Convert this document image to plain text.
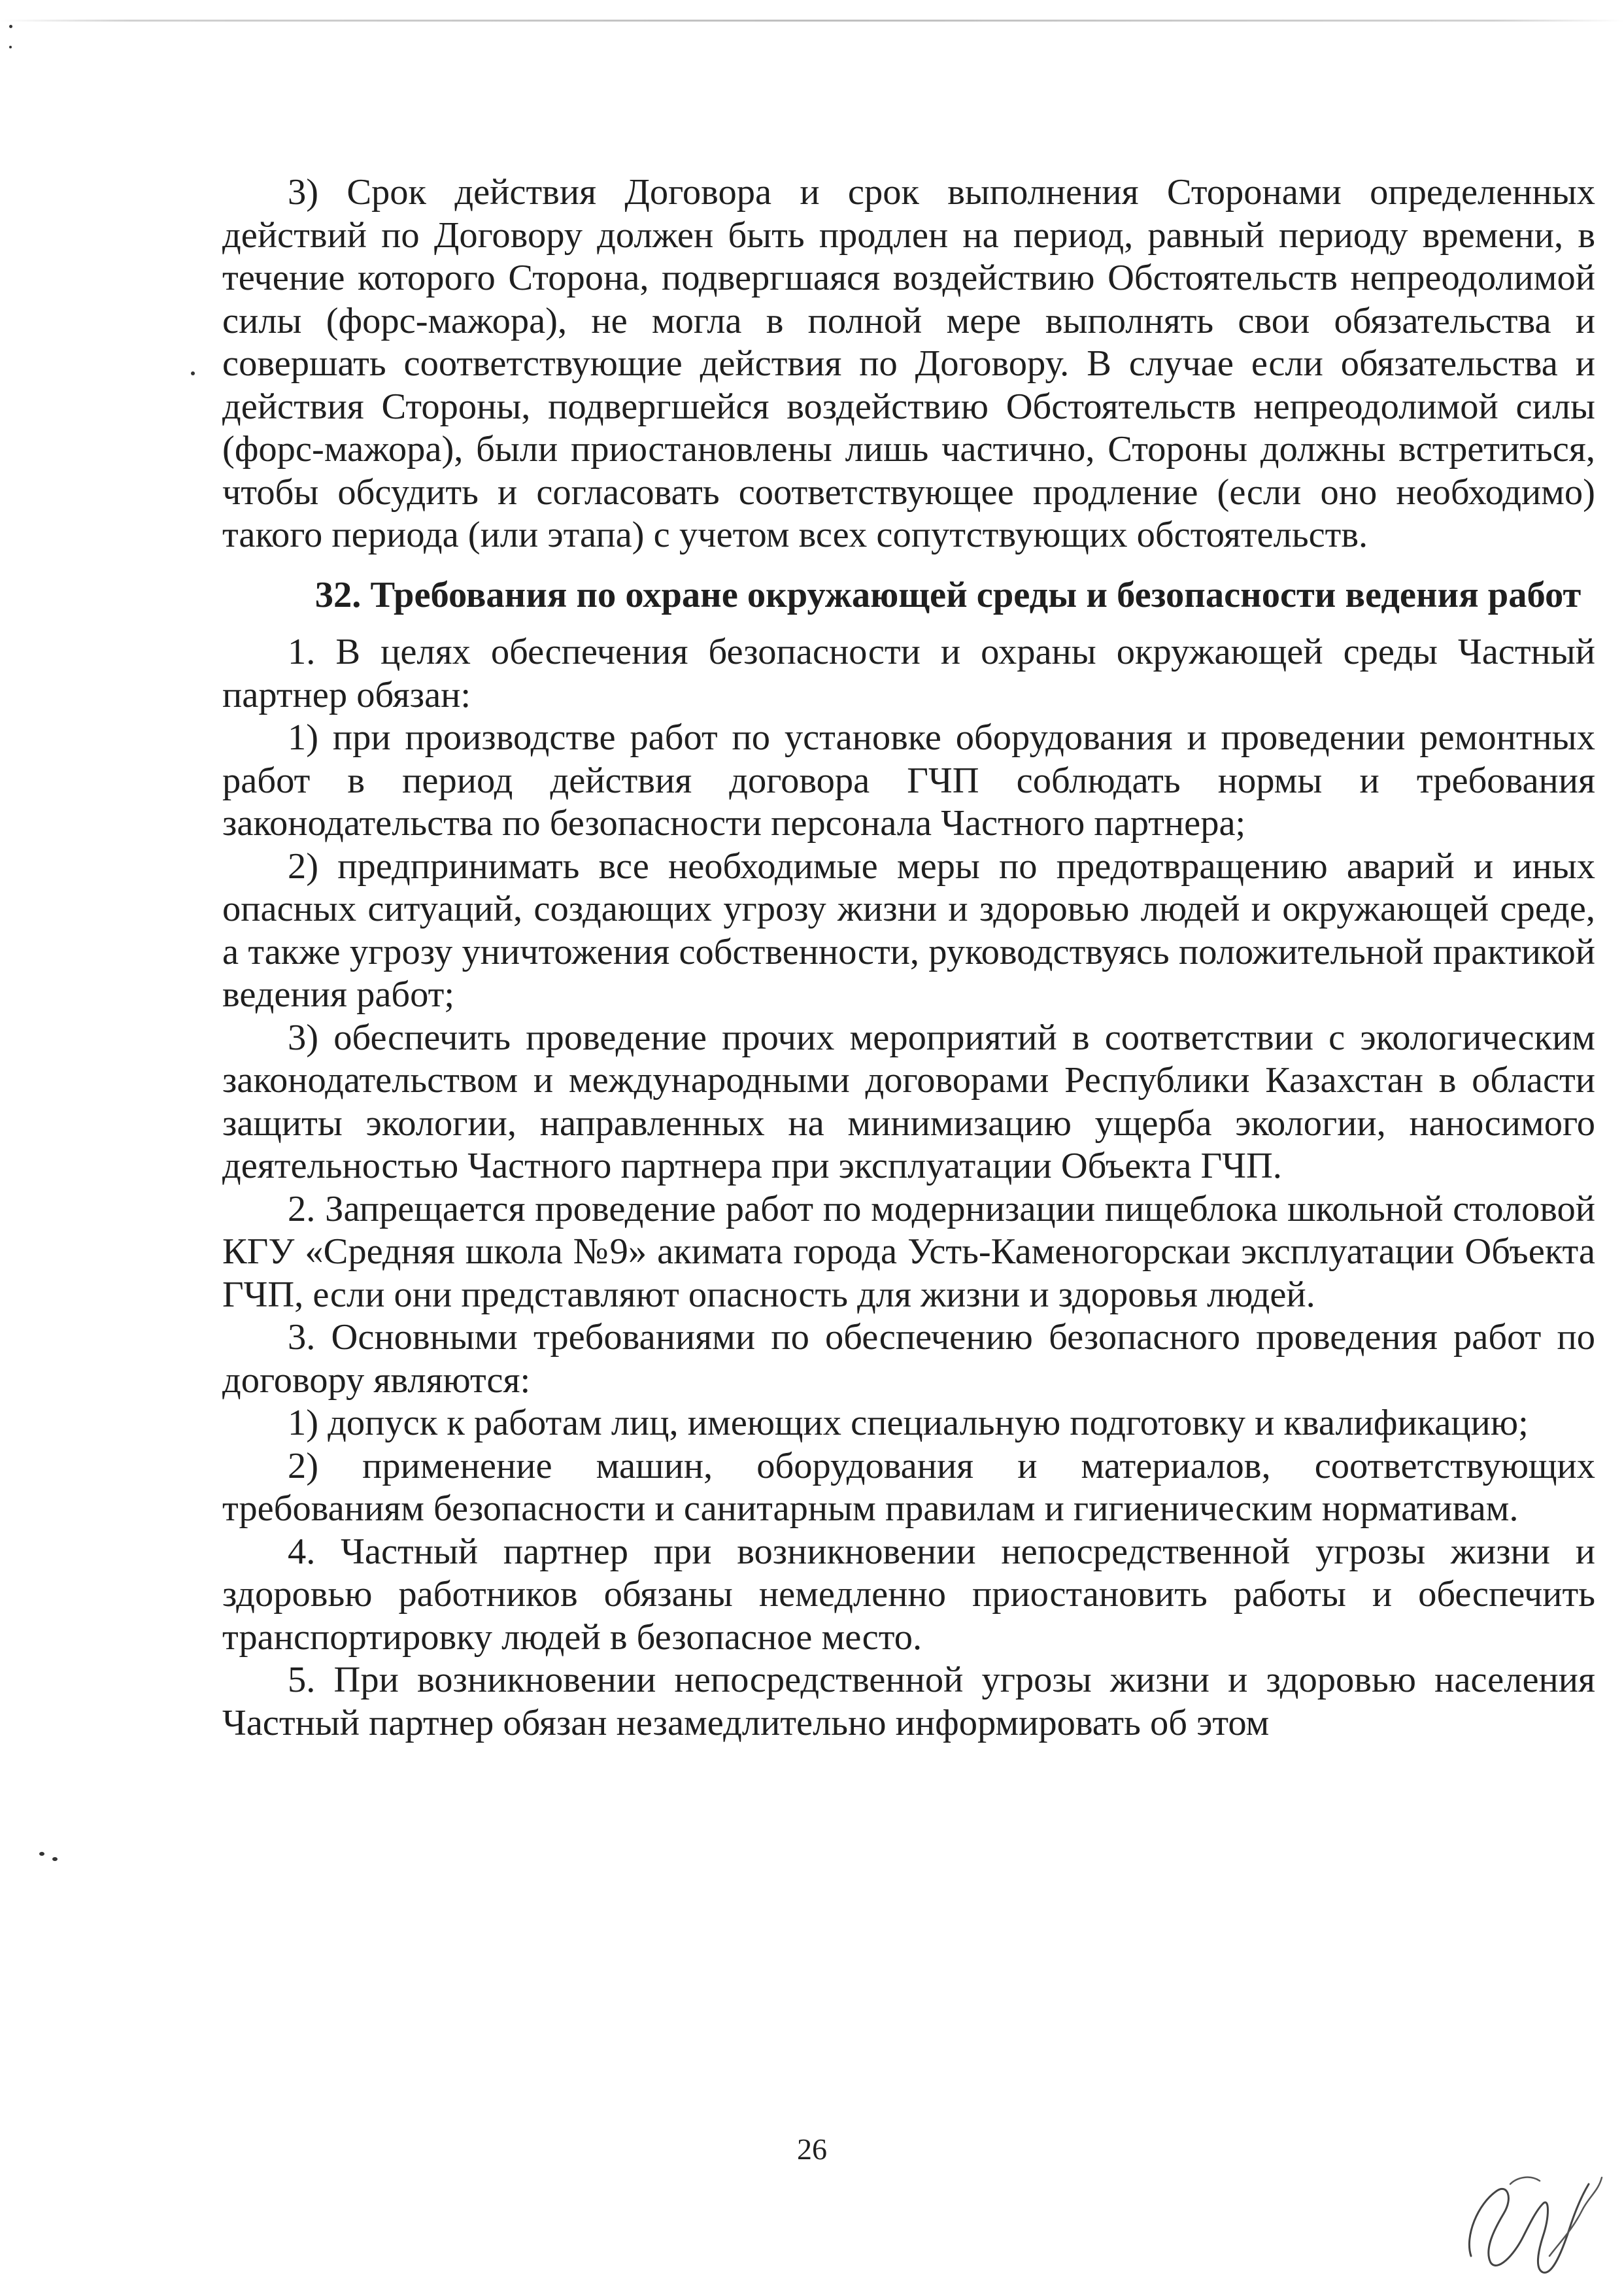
3) Срок действия Договора и срок выполнения Сторонами определенных действий по Договору должен быть продлен на период, равный периоду времени, в течение которого Сторона, подвергшаяся воздействию Обстоятельств непреодолимой силы (форс-мажора), не могла в полной мере выполнять свои обязательства и совершать соответствующие действия по Договору. В случае если обязательства и действия Стороны, подвергшейся воздействию Обстоятельств непреодолимой силы (форс-мажора), были приостановлены лишь частично, Стороны должны встретиться, чтобы обсудить и согласовать соответствующее продление (если оно необходимо) такого периода (или этапа) с учетом всех сопутствующих обстоятельств.

32. Требования по охране окружающей среды и безопасности ведения работ

1. В целях обеспечения безопасности и охраны окружающей среды Частный партнер обязан:

1) при производстве работ по установке оборудования и проведении ремонтных работ в период действия договора ГЧП соблюдать нормы и требования законодательства по безопасности персонала Частного партнера;

2) предпринимать все необходимые меры по предотвращению аварий и иных опасных ситуаций, создающих угрозу жизни и здоровью людей и окружающей среде, а также угрозу уничтожения собственности, руководствуясь положительной практикой ведения работ;

3) обеспечить проведение прочих мероприятий в соответствии с экологическим законодательством и международными договорами Республики Казахстан в области защиты экологии, направленных на минимизацию ущерба экологии, наносимого деятельностью Частного партнера при эксплуатации Объекта ГЧП.

2. Запрещается проведение работ по модернизации пищеблока школьной столовой КГУ «Средняя школа №9» акимата города Усть-Каменогорскаи эксплуатации Объекта ГЧП, если они представляют опасность для жизни и здоровья людей.

3. Основными требованиями по обеспечению безопасного проведения работ по договору являются:

1) допуск к работам лиц, имеющих специальную подготовку и квалификацию;

2) применение машин, оборудования и материалов, соответствующих требованиям безопасности и санитарным правилам и гигиеническим нормативам.

4. Частный партнер при возникновении непосредственной угрозы жизни и здоровью работников обязаны немедленно приостановить работы и обеспечить транспортировку людей в безопасное место.

5. При возникновении непосредственной угрозы жизни и здоровью населения Частный партнер обязан незамедлительно информировать об этом

26
